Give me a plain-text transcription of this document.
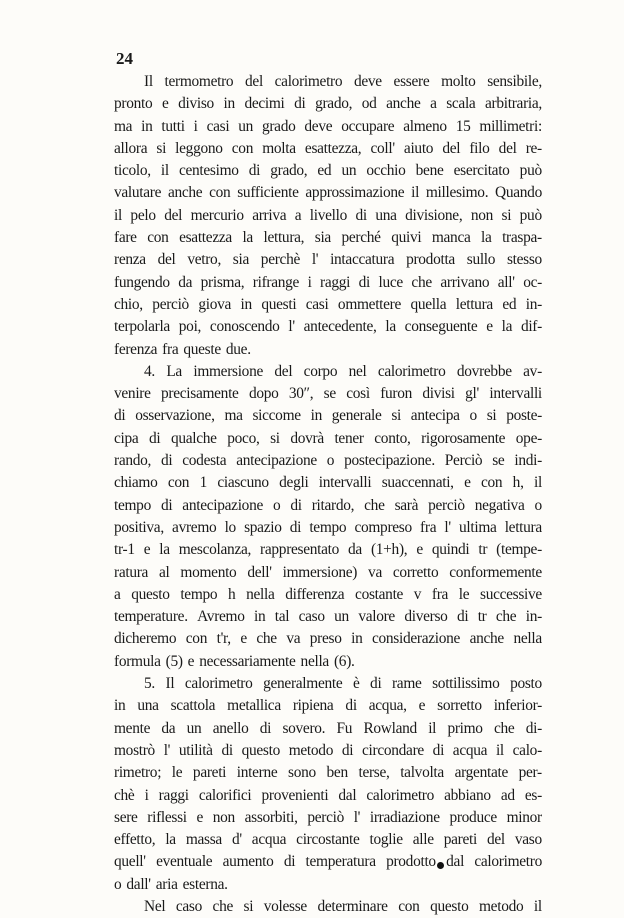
24
Il termometro del calorimetro deve essere molto sensibile,
pronto e diviso in decimi di grado, od anche a scala arbitraria,
ma in tutti i casi un grado deve occupare almeno 15 millimetri:
allora si leggono con molta esattezza, coll' aiuto del filo del re-
ticolo, il centesimo di grado, ed un occhio bene esercitato può
valutare anche con sufficiente approssimazione il millesimo. Quando
il pelo del mercurio arriva a livello di una divisione, non si può
fare con esattezza la lettura, sia perché quivi manca la traspa-
renza del vetro, sia perchè l' intaccatura prodotta sullo stesso
fungendo da prisma, rifrange i raggi di luce che arrivano all' oc-
chio, perciò giova in questi casi ommettere quella lettura ed in-
terpolarla poi, conoscendo l' antecedente, la conseguente e la dif-
ferenza fra queste due.
4. La immersione del corpo nel calorimetro dovrebbe av-
venire precisamente dopo 30″, se così furon divisi gl' intervalli
di osservazione, ma siccome in generale si antecipa o si poste-
cipa di qualche poco, si dovrà tener conto, rigorosamente ope-
rando, di codesta antecipazione o postecipazione. Perciò se indi-
chiamo con 1 ciascuno degli intervalli suaccennati, e con h, il
tempo di antecipazione o di ritardo, che sarà perciò negativa o
positiva, avremo lo spazio di tempo compreso fra l' ultima lettura
tr-1 e la mescolanza, rappresentato da (1+h), e quindi tr (tempe-
ratura al momento dell' immersione) va corretto conformemente
a questo tempo h nella differenza costante v fra le successive
temperature. Avremo in tal caso un valore diverso di tr che in-
dicheremo con t'r, e che va preso in considerazione anche nella
formula (5) e necessariamente nella (6).
5. Il calorimetro generalmente è di rame sottilissimo posto
in una scattola metallica ripiena di acqua, e sorretto inferior-
mente da un anello di sovero. Fu Rowland il primo che di-
mostrò l' utilità di questo metodo di circondare di acqua il calo-
rimetro; le pareti interne sono ben terse, talvolta argentate per-
chè i raggi calorifici provenienti dal calorimetro abbiano ad es-
sere riflessi e non assorbiti, perciò l' irradiazione produce minor
effetto, la massa d' acqua circostante toglie alle pareti del vaso
quell' eventuale aumento di temperatura prodotto dal calorimetro
o dall' aria esterna.
Nel caso che si volesse determinare con questo metodo il
